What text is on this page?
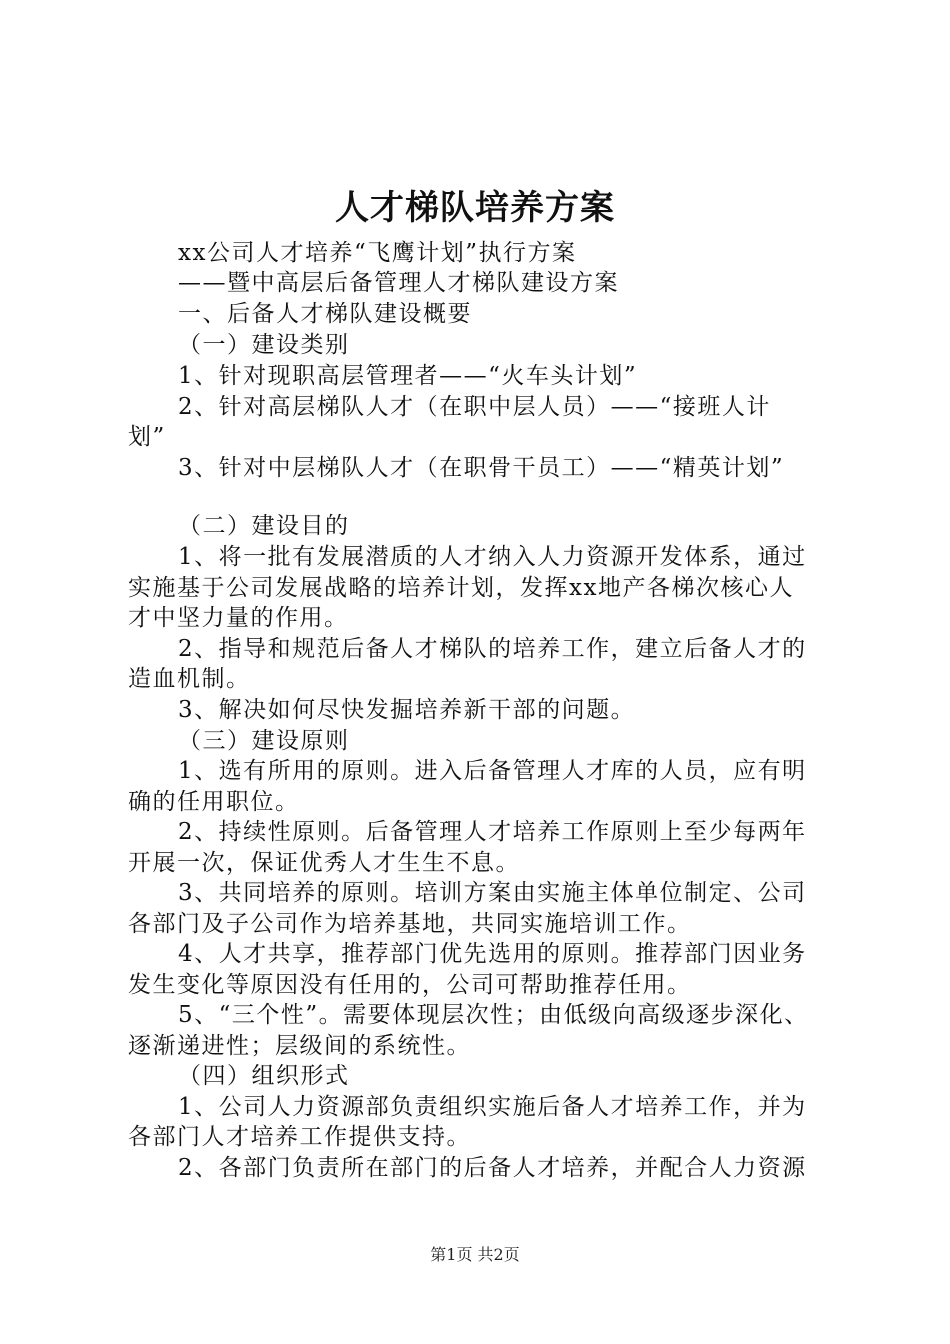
人才梯队培养方案
xx公司人才培养“飞鹰计划”执行方案
——暨中高层后备管理人才梯队建设方案
一、后备人才梯队建设概要
（一）建设类别
1、针对现职高层管理者——“火车头计划”
2、针对高层梯队人才（在职中层人员）——“接班人计
划”
3、针对中层梯队人才（在职骨干员工）——“精英计划”
（二）建设目的
1、将一批有发展潜质的人才纳入人力资源开发体系，通过
实施基于公司发展战略的培养计划，发挥xx地产各梯次核心人
才中坚力量的作用。
2、指导和规范后备人才梯队的培养工作，建立后备人才的
造血机制。
3、解决如何尽快发掘培养新干部的问题。
（三）建设原则
1、选有所用的原则。进入后备管理人才库的人员，应有明
确的任用职位。
2、持续性原则。后备管理人才培养工作原则上至少每两年
开展一次，保证优秀人才生生不息。
3、共同培养的原则。培训方案由实施主体单位制定、公司
各部门及子公司作为培养基地，共同实施培训工作。
4、人才共享，推荐部门优先选用的原则。推荐部门因业务
发生变化等原因没有任用的，公司可帮助推荐任用。
5、“三个性”。需要体现层次性；由低级向高级逐步深化、
逐渐递进性；层级间的系统性。
（四）组织形式
1、公司人力资源部负责组织实施后备人才培养工作，并为
各部门人才培养工作提供支持。
2、各部门负责所在部门的后备人才培养，并配合人力资源
第1页 共2页
